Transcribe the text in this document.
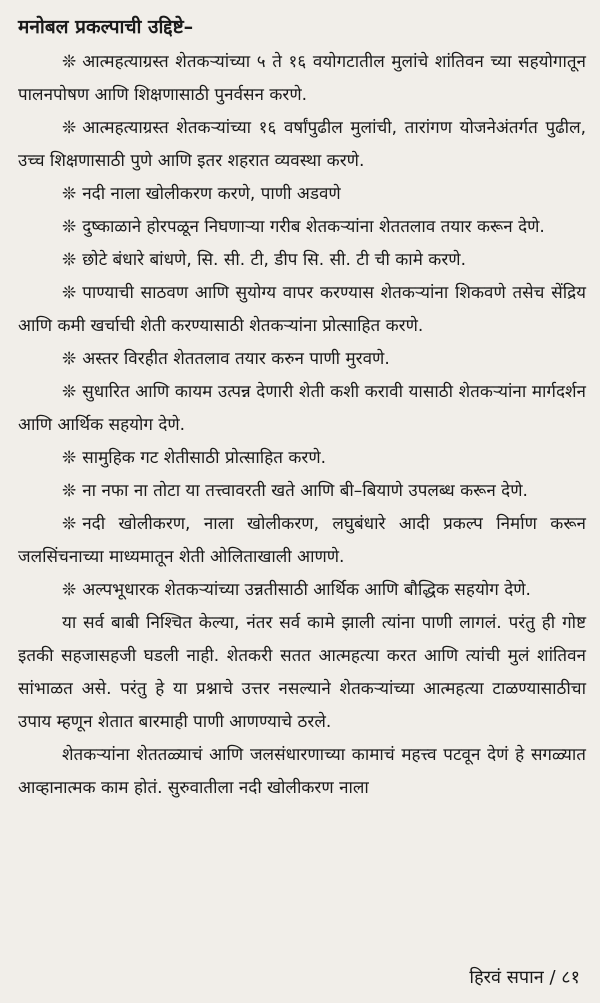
मनोबल प्रकल्पाची उद्दिष्टे–

❊ आत्महत्याग्रस्त शेतकऱ्यांच्या ५ ते १६ वयोगटातील मुलांचे शांतिवन च्या सहयोगातून पालनपोषण आणि शिक्षणासाठी पुनर्वसन करणे.

❊ आत्महत्याग्रस्त शेतकऱ्यांच्या १६ वर्षांपुढील मुलांची, तारांगण योजनेअंतर्गत पुढील, उच्च शिक्षणासाठी पुणे आणि इतर शहरात व्यवस्था करणे.

❊ नदी नाला खोलीकरण करणे, पाणी अडवणे

❊ दुष्काळाने होरपळून निघणाऱ्या गरीब शेतकऱ्यांना शेततलाव तयार करून देणे.

❊ छोटे बंधारे बांधणे, सि. सी. टी, डीप सि. सी. टी ची कामे करणे.

❊ पाण्याची साठवण आणि सुयोग्य वापर करण्यास शेतकऱ्यांना शिकवणे तसेच सेंद्रिय आणि कमी खर्चाची शेती करण्यासाठी शेतकऱ्यांना प्रोत्साहित करणे.

❊ अस्तर विरहीत शेततलाव तयार करुन पाणी मुरवणे.

❊ सुधारित आणि कायम उत्पन्न देणारी शेती कशी करावी यासाठी शेतकऱ्यांना मार्गदर्शन आणि आर्थिक सहयोग देणे.

❊ सामुहिक गट शेतीसाठी प्रोत्साहित करणे.

❊ ना नफा ना तोटा या तत्त्वावरती खते आणि बी–बियाणे उपलब्ध करून देणे.

❊ नदी खोलीकरण, नाला खोलीकरण, लघुबंधारे आदी प्रकल्प निर्माण करून जलसिंचनाच्या माध्यमातून शेती ओलिताखाली आणणे.

❊ अल्पभूधारक शेतकऱ्यांच्या उन्नतीसाठी आर्थिक आणि बौद्धिक सहयोग देणे.

या सर्व बाबी निश्चित केल्या, नंतर सर्व कामे झाली त्यांना पाणी लागलं. परंतु ही गोष्ट इतकी सहजासहजी घडली नाही. शेतकरी सतत आत्महत्या करत आणि त्यांची मुलं शांतिवन सांभाळत असे. परंतु हे या प्रश्नाचे उत्तर नसल्याने शेतकऱ्यांच्या आत्महत्या टाळण्यासाठीचा उपाय म्हणून शेतात बारमाही पाणी आणण्याचे ठरले.

शेतकऱ्यांना शेततळ्याचं आणि जलसंधारणाच्या कामाचं महत्त्व पटवून देणं हे सगळ्यात आव्हानात्मक काम होतं. सुरुवातीला नदी खोलीकरण नाला

हिरवं सपान / ८१
